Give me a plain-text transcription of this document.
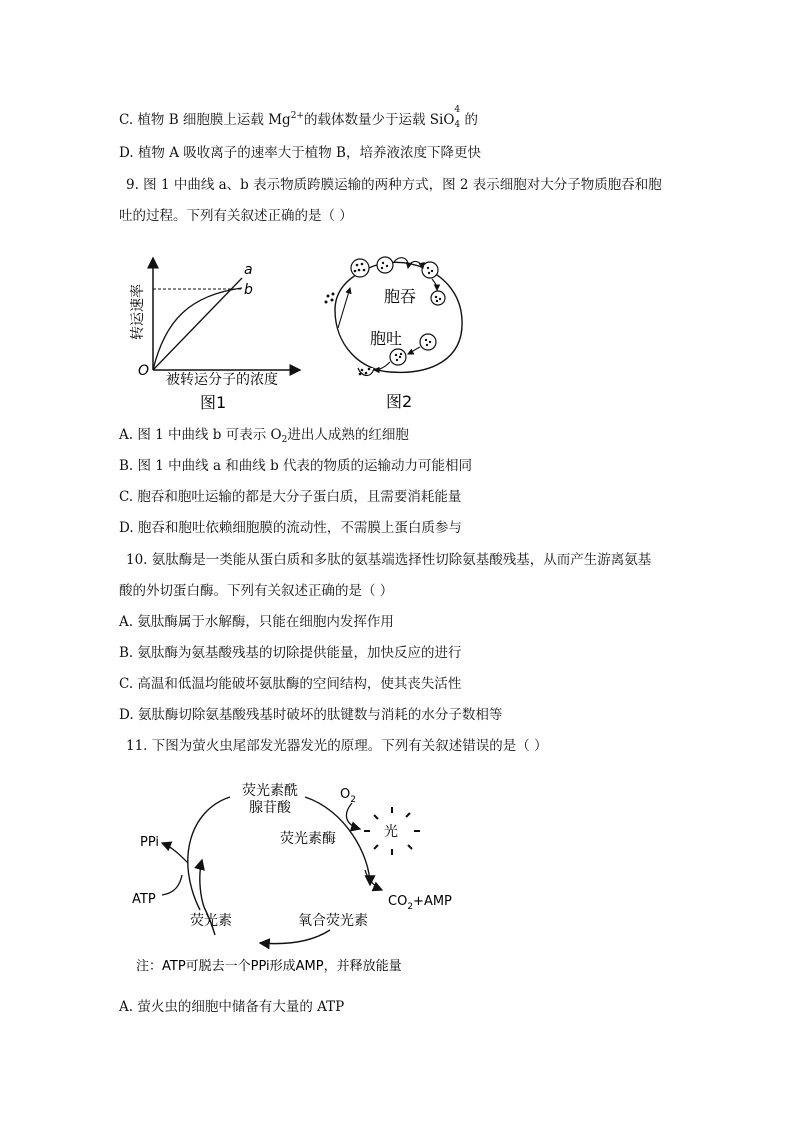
C. 植物 B 细胞膜上运载 $Mg^{2+}$的载体数量少于运载 SiO
4
$_4$ 的
D. 植物 A 吸收离子的速率大于植物 B，培养液浓度下降更快
9. 图 1 中曲线 a、b 表示物质跨膜运输的两种方式，图 2 表示细胞对大分子物质胞吞和胞
吐的过程。下列有关叙述正确的是（ ）
a
b
O
被转运分子的浓度
转运速率
图1
胞吞
胞吐
图2
A. 图 1 中曲线 b 可表示 $O_2$进出人成熟的红细胞
B. 图 1 中曲线 a 和曲线 b 代表的物质的运输动力可能相同
C. 胞吞和胞吐运输的都是大分子蛋白质，且需要消耗能量
D. 胞吞和胞吐依赖细胞膜的流动性，不需膜上蛋白质参与
10. 氨肽酶是一类能从蛋白质和多肽的氨基端选择性切除氨基酸残基，从而产生游离氨基
酸的外切蛋白酶。下列有关叙述正确的是（ ）
A. 氨肽酶属于水解酶，只能在细胞内发挥作用
B. 氨肽酶为氨基酸残基的切除提供能量，加快反应的进行
C. 高温和低温均能破坏氨肽酶的空间结构，使其丧失活性
D. 氨肽酶切除氨基酸残基时破坏的肽键数与消耗的水分子数相等
11. 下图为萤火虫尾部发光器发光的原理。下列有关叙述错误的是（ ）
光
荧光素酰
腺苷酸
$O_2$
荧光素酶
PPi
ATP	$CO_2+AMP$
荧光素	氧合荧光素
注：ATP可脱去一个PPi形成AMP，并释放能量
A. 萤火虫的细胞中储备有大量的 ATP
